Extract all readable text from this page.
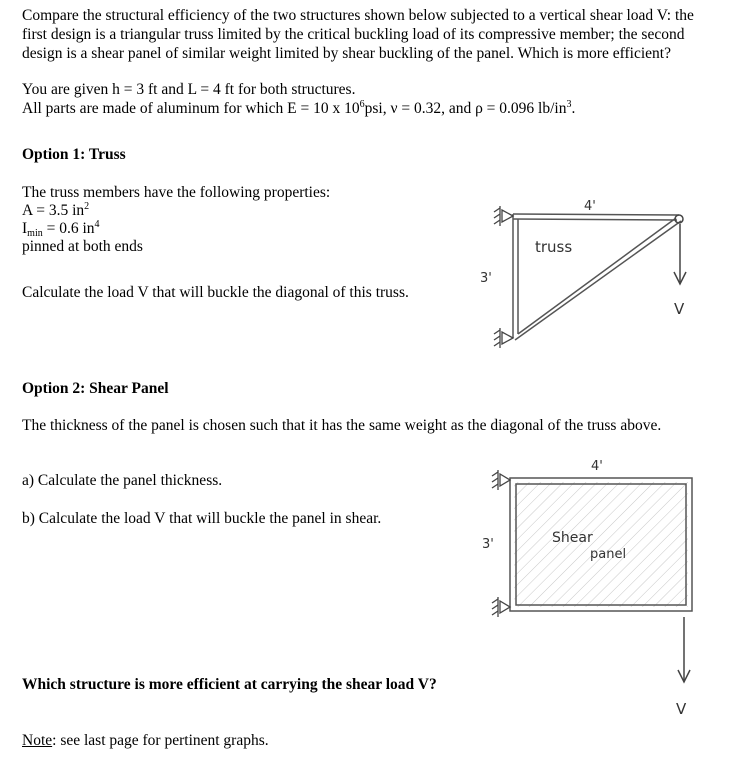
Compare the structural efficiency of the two structures shown below subjected to a vertical shear load V: the
first design is a triangular truss limited by the critical buckling load of its compressive member; the second
design is a shear panel of similar weight limited by shear buckling of the panel. Which is more efficient?
You are given h = 3 ft and L = 4 ft for both structures.
All parts are made of aluminum for which E = 10 x $10^6psi$, ν = 0.32, and ρ = 0.096 $lb/in^3$.
Option 1: Truss
The truss members have the following properties:
A = 3.5 $in^2$
$I_{min} = 0.6$ $in^4$
pinned at both ends
Calculate the load V that will buckle the diagonal of this truss.
Option 2: Shear Panel
The thickness of the panel is chosen such that it has the same weight as the diagonal of the truss above.
a) Calculate the panel thickness.
b) Calculate the load V that will buckle the panel in shear.
Which structure is more efficient at carrying the shear load V?
Note: see last page for pertinent graphs.
4'
3'
truss
V
4'
3'	Shear
panel
V
